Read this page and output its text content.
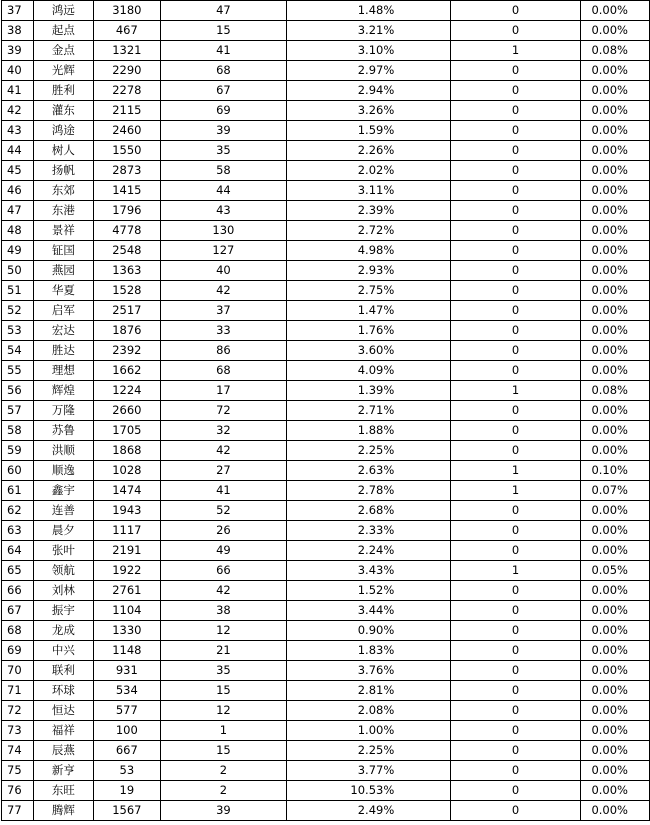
37	鸿远	3180	47	1.48%	0	0.00%
38	起点	467	15	3.21%	0	0.00%
39	金点	1321	41	3.10%	1	0.08%
40	光辉	2290	68	2.97%	0	0.00%
41	胜利	2278	67	2.94%	0	0.00%
42	灌东	2115	69	3.26%	0	0.00%
43	鸿途	2460	39	1.59%	0	0.00%
44	树人	1550	35	2.26%	0	0.00%
45	扬帆	2873	58	2.02%	0	0.00%
46	东郊	1415	44	3.11%	0	0.00%
47	东港	1796	43	2.39%	0	0.00%
48	景祥	4778	130	2.72%	0	0.00%
49	钲国	2548	127	4.98%	0	0.00%
50	燕园	1363	40	2.93%	0	0.00%
51	华夏	1528	42	2.75%	0	0.00%
52	启军	2517	37	1.47%	0	0.00%
53	宏达	1876	33	1.76%	0	0.00%
54	胜达	2392	86	3.60%	0	0.00%
55	理想	1662	68	4.09%	0	0.00%
56	辉煌	1224	17	1.39%	1	0.08%
57	万隆	2660	72	2.71%	0	0.00%
58	苏鲁	1705	32	1.88%	0	0.00%
59	洪顺	1868	42	2.25%	0	0.00%
60	顺逸	1028	27	2.63%	1	0.10%
61	鑫宇	1474	41	2.78%	1	0.07%
62	连善	1943	52	2.68%	0	0.00%
63	晨夕	1117	26	2.33%	0	0.00%
64	张叶	2191	49	2.24%	0	0.00%
65	领航	1922	66	3.43%	1	0.05%
66	刘林	2761	42	1.52%	0	0.00%
67	振宇	1104	38	3.44%	0	0.00%
68	龙成	1330	12	0.90%	0	0.00%
69	中兴	1148	21	1.83%	0	0.00%
70	联利	931	35	3.76%	0	0.00%
71	环球	534	15	2.81%	0	0.00%
72	恒达	577	12	2.08%	0	0.00%
73	福祥	100	1	1.00%	0	0.00%
74	辰燕	667	15	2.25%	0	0.00%
75	新亨	53	2	3.77%	0	0.00%
76	东旺	19	2	10.53%	0	0.00%
77	腾辉	1567	39	2.49%	0	0.00%
